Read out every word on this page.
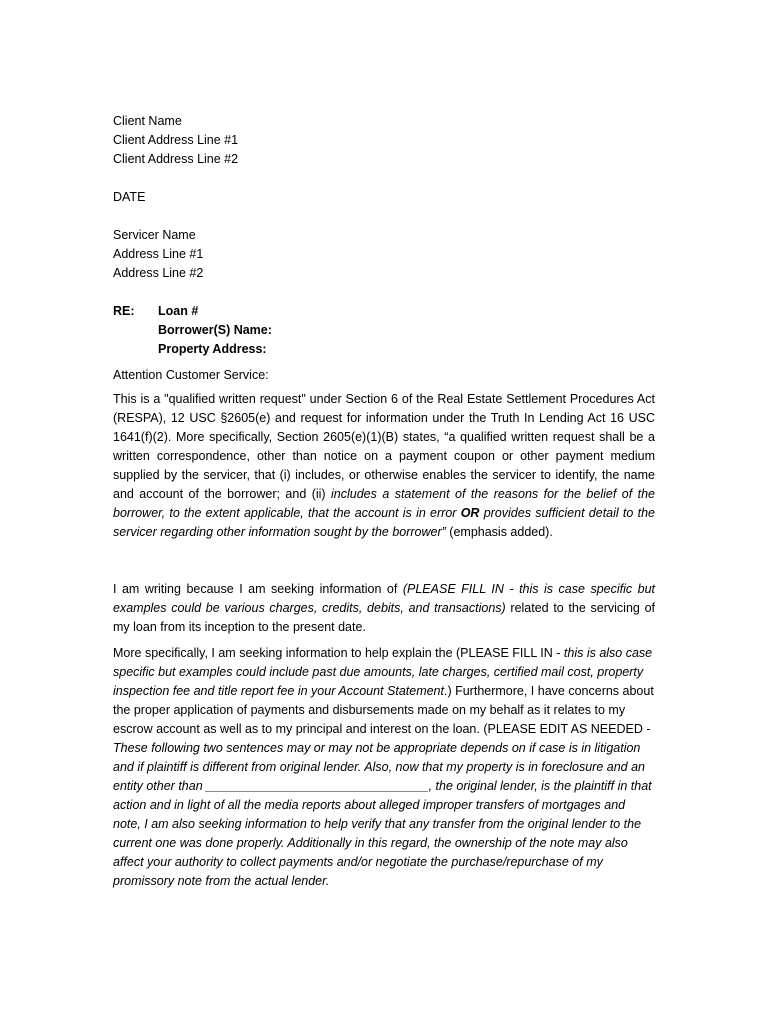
Client Name
Client Address Line #1
Client Address Line #2
DATE
Servicer Name
Address Line #1
Address Line #2
RE: Loan #
Borrower(S) Name:
Property Address:
Attention Customer Service:

This is a "qualified written request" under Section 6 of the Real Estate Settlement Procedures Act (RESPA), 12 USC §2605(e) and request for information under the Truth In Lending Act 16 USC 1641(f)(2). More specifically, Section 2605(e)(1)(B) states, “a qualified written request shall be a written correspondence, other than notice on a payment coupon or other payment medium supplied by the servicer, that (i) includes, or otherwise enables the servicer to identify, the name and account of the borrower; and (ii) includes a statement of the reasons for the belief of the borrower, to the extent applicable, that the account is in error OR provides sufficient detail to the servicer regarding other information sought by the borrower” (emphasis added).

I am writing because I am seeking information of (PLEASE FILL IN - this is case specific but examples could be various charges, credits, debits, and transactions) related to the servicing of my loan from its inception to the present date.

More specifically, I am seeking information to help explain the (PLEASE FILL IN - this is also case specific but examples could include past due amounts, late charges, certified mail cost, property inspection fee and title report fee in your Account Statement.) Furthermore, I have concerns about the proper application of payments and disbursements made on my behalf as it relates to my escrow account as well as to my principal and interest on the loan. (PLEASE EDIT AS NEEDED - These following two sentences may or may not be appropriate depends on if case is in litigation and if plaintiff is different from original lender. Also, now that my property is in foreclosure and an entity other than ________________________________, the original lender, is the plaintiff in that action and in light of all the media reports about alleged improper transfers of mortgages and note, I am also seeking information to help verify that any transfer from the original lender to the current one was done properly. Additionally in this regard, the ownership of the note may also affect your authority to collect payments and/or negotiate the purchase/repurchase of my promissory note from the actual lender.
